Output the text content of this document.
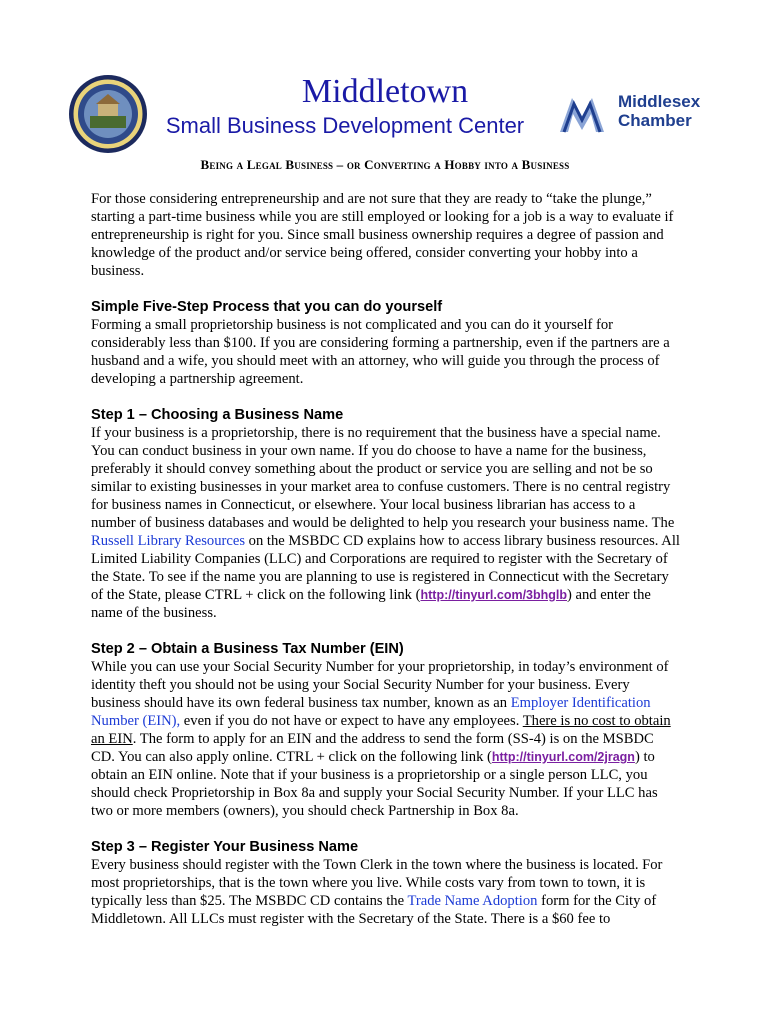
Middletown
Small Business Development Center
Middlesex
Chamber
Being a Legal Business – or Converting a Hobby into a Business

For those considering entrepreneurship and are not sure that they are ready to “take the plunge,” starting a part-time business while you are still employed or looking for a job is a way to evaluate if entrepreneurship is right for you. Since small business ownership requires a degree of passion and knowledge of the product and/or service being offered, consider converting your hobby into a business.

Simple Five-Step Process that you can do yourself

Forming a small proprietorship business is not complicated and you can do it yourself for considerably less than $100. If you are considering forming a partnership, even if the partners are a husband and a wife, you should meet with an attorney, who will guide you through the process of developing a partnership agreement.

Step 1 – Choosing a Business Name

If your business is a proprietorship, there is no requirement that the business have a special name. You can conduct business in your own name. If you do choose to have a name for the business, preferably it should convey something about the product or service you are selling and not be so similar to existing businesses in your market area to confuse customers. There is no central registry for business names in Connecticut, or elsewhere. Your local business librarian has access to a number of business databases and would be delighted to help you research your business name. The Russell Library Resources on the MSBDC CD explains how to access library business resources. All Limited Liability Companies (LLC) and Corporations are required to register with the Secretary of the State. To see if the name you are planning to use is registered in Connecticut with the Secretary of the State, please CTRL + click on the following link (http://tinyurl.com/3bhglb) and enter the name of the business.

Step 2 – Obtain a Business Tax Number (EIN)

While you can use your Social Security Number for your proprietorship, in today’s environment of identity theft you should not be using your Social Security Number for your business. Every business should have its own federal business tax number, known as an Employer Identification Number (EIN), even if you do not have or expect to have any employees. There is no cost to obtain an EIN. The form to apply for an EIN and the address to send the form (SS-4) is on the MSBDC CD. You can also apply online. CTRL + click on the following link (http://tinyurl.com/2jragn) to obtain an EIN online. Note that if your business is a proprietorship or a single person LLC, you should check Proprietorship in Box 8a and supply your Social Security Number. If your LLC has two or more members (owners), you should check Partnership in Box 8a.

Step 3 – Register Your Business Name

Every business should register with the Town Clerk in the town where the business is located. For most proprietorships, that is the town where you live. While costs vary from town to town, it is typically less than $25. The MSBDC CD contains the Trade Name Adoption form for the City of Middletown. All LLCs must register with the Secretary of the State. There is a $60 fee to
